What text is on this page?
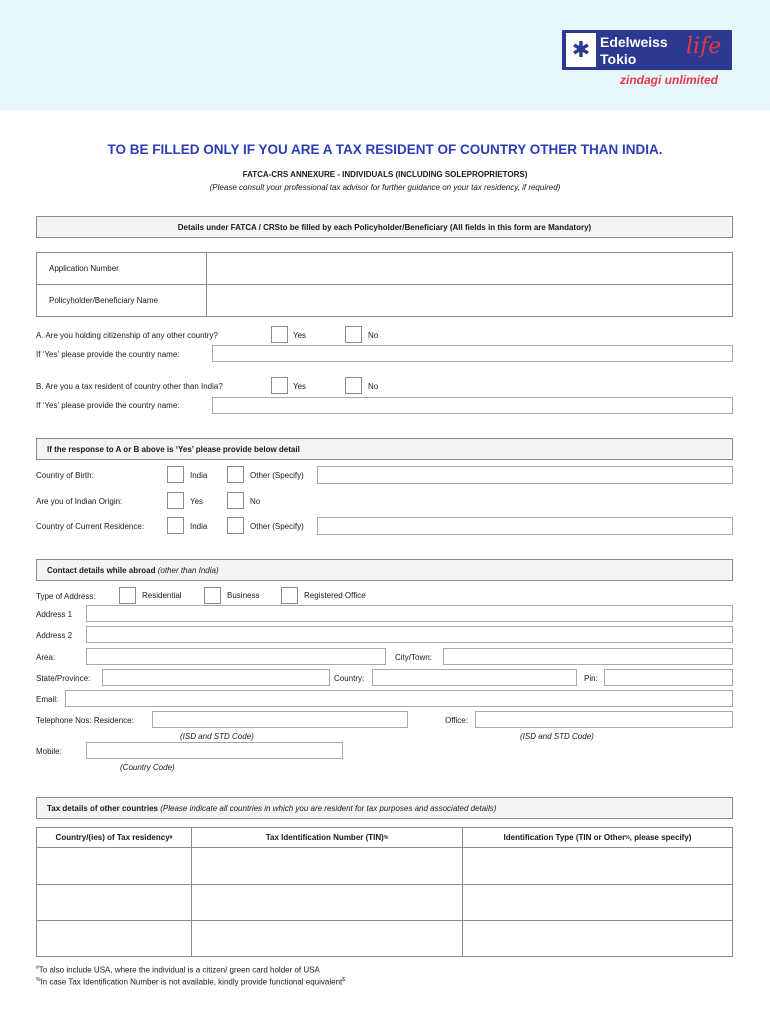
✱ Edelweiss
Tokio life
zindagi unlimited
TO BE FILLED ONLY IF YOU ARE A TAX RESIDENT OF COUNTRY OTHER THAN INDIA.
FATCA-CRS ANNEXURE - INDIVIDUALS (INCLUDING SOLEPROPRIETORS)
(Please consult your professional tax advisor for further guidance on your tax residency, if required)
Details under FATCA / CRSto be filled by each Policyholder/Beneficiary (All fields in this form are Mandatory)
Application Number
Policyholder/Beneficiary Name
A. Are you holding citizenship of any other country?	Yes	No
If ‘Yes’ please provide the country name:
B. Are you a tax resident of country other than India?	Yes	No
If ‘Yes’ please provide the country name:
If the response to A or B above is ‘Yes’ please provide below detail
Country of Birth:	India	Other (Specify)
Are you of Indian Origin:	Yes	No
Country of Current Residence:	India	Other (Specify)
Contact details while abroad
(other than India)
Type of Address:	Residential	Business	Registered Office
Address 1
Address 2
Area:	City/Town:
State/Province:	Country:	Pin:
Email:
Telephone Nos: Residence:	Office:
(ISD and STD Code)	(ISD and STD Code)
Mobile:
(Country Code)
Tax details of other countries
(Please indicate all countries in which you are resident for tax purposes and associated details)
Country/(ies) of Tax residency #	Tax Identification Number (TIN) %	Identification Type (TIN or Other % , please specify)
#To also include USA, where the individual is a citizen/ green card holder of USA
%In case Tax Identification Number is not available, kindly provide functional equivalent$
